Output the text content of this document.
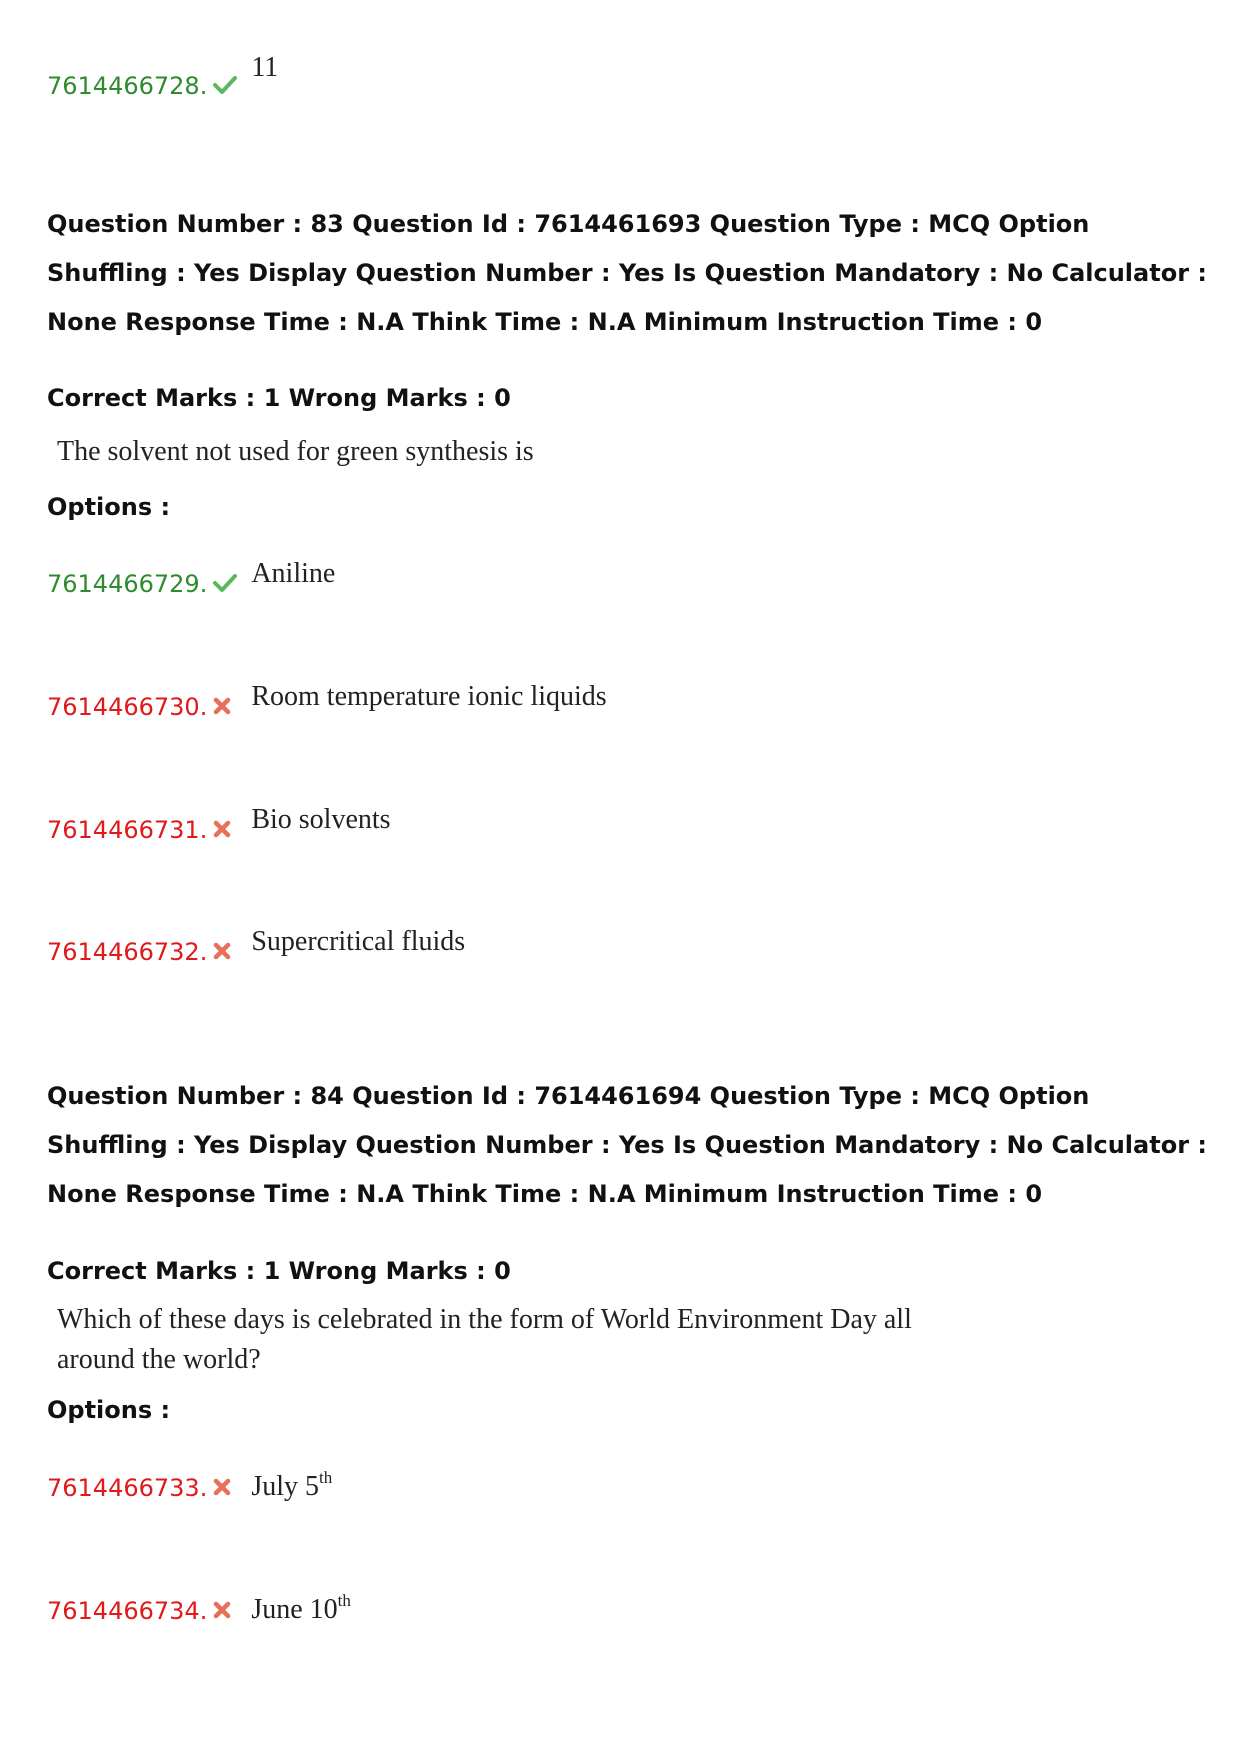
7614466728.
11
Question Number : 83 Question Id : 7614461693 Question Type : MCQ Option Shuffling : Yes Display Question Number : Yes Is Question Mandatory : No Calculator : None Response Time : N.A Think Time : N.A Minimum Instruction Time : 0
Correct Marks : 1 Wrong Marks : 0
The solvent not used for green synthesis is
Options :
7614466729. Aniline
7614466730. Room temperature ionic liquids
7614466731. Bio solvents
7614466732. Supercritical fluids
Question Number : 84 Question Id : 7614461694 Question Type : MCQ Option Shuffling : Yes Display Question Number : Yes Is Question Mandatory : No Calculator : None Response Time : N.A Think Time : N.A Minimum Instruction Time : 0
Correct Marks : 1 Wrong Marks : 0
Which of these days is celebrated in the form of World Environment Day all
around the world?
Options :
7614466733. July 5th
7614466734. June 10th
